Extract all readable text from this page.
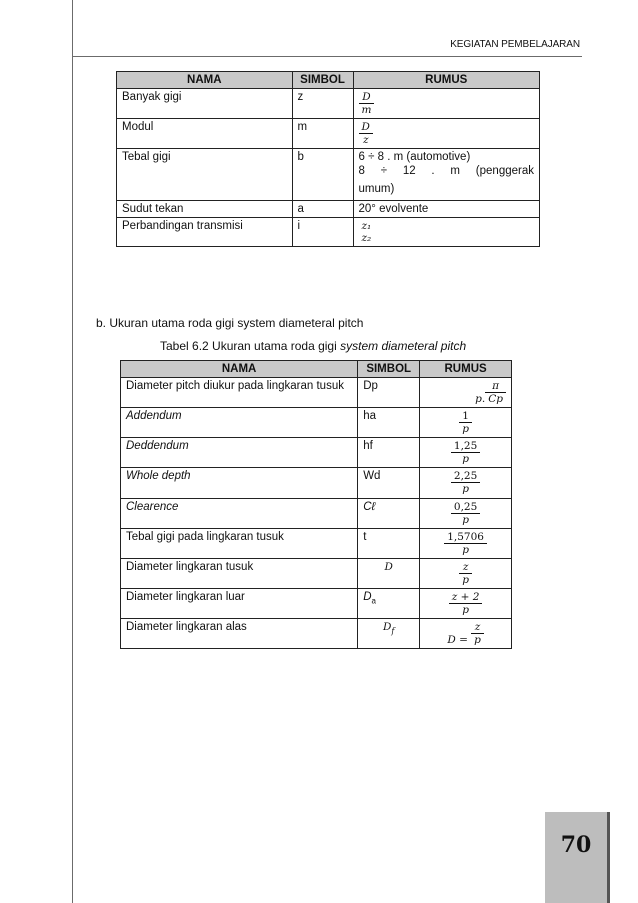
KEGIATAN PEMBELAJARAN
NAMA	SIMBOL	RUMUS
Banyak gigi	z	$\frac{D}{m}$

Modul	m	$\frac{D}{z}$

Tebal gigi	b	6 ÷ 8 . m (automotive)
8 ÷ 12 . m (penggerak umum)

Sudut tekan	a	20° evolvente
Perbandingan transmisi	i	z₁
z₂
b. Ukuran utama roda gigi system diameteral pitch
Tabel 6.2 Ukuran utama roda gigi system diameteral pitch
NAMA	SIMBOL	RUMUS
Diameter pitch diukur pada lingkaran tusuk	Dp	p. $\frac{\pi}{Cp}$

Addendum	ha	$\frac{1}{p}$

Deddendum	hf	$\frac{1,25}{p}$

Whole depth	Wd	$\frac{2,25}{p}$

Clearence	Cℓ	$\frac{0,25}{p}$

Tebal gigi pada lingkaran tusuk	t	$\frac{1,5706}{p}$

Diameter lingkaran tusuk	D	$\frac{z}{p}$

Diameter lingkaran luar	$D_a$	$\frac{z + 2}{p}$

Diameter lingkaran alas	$D_f$	$D = \frac{z}{p}$
70
